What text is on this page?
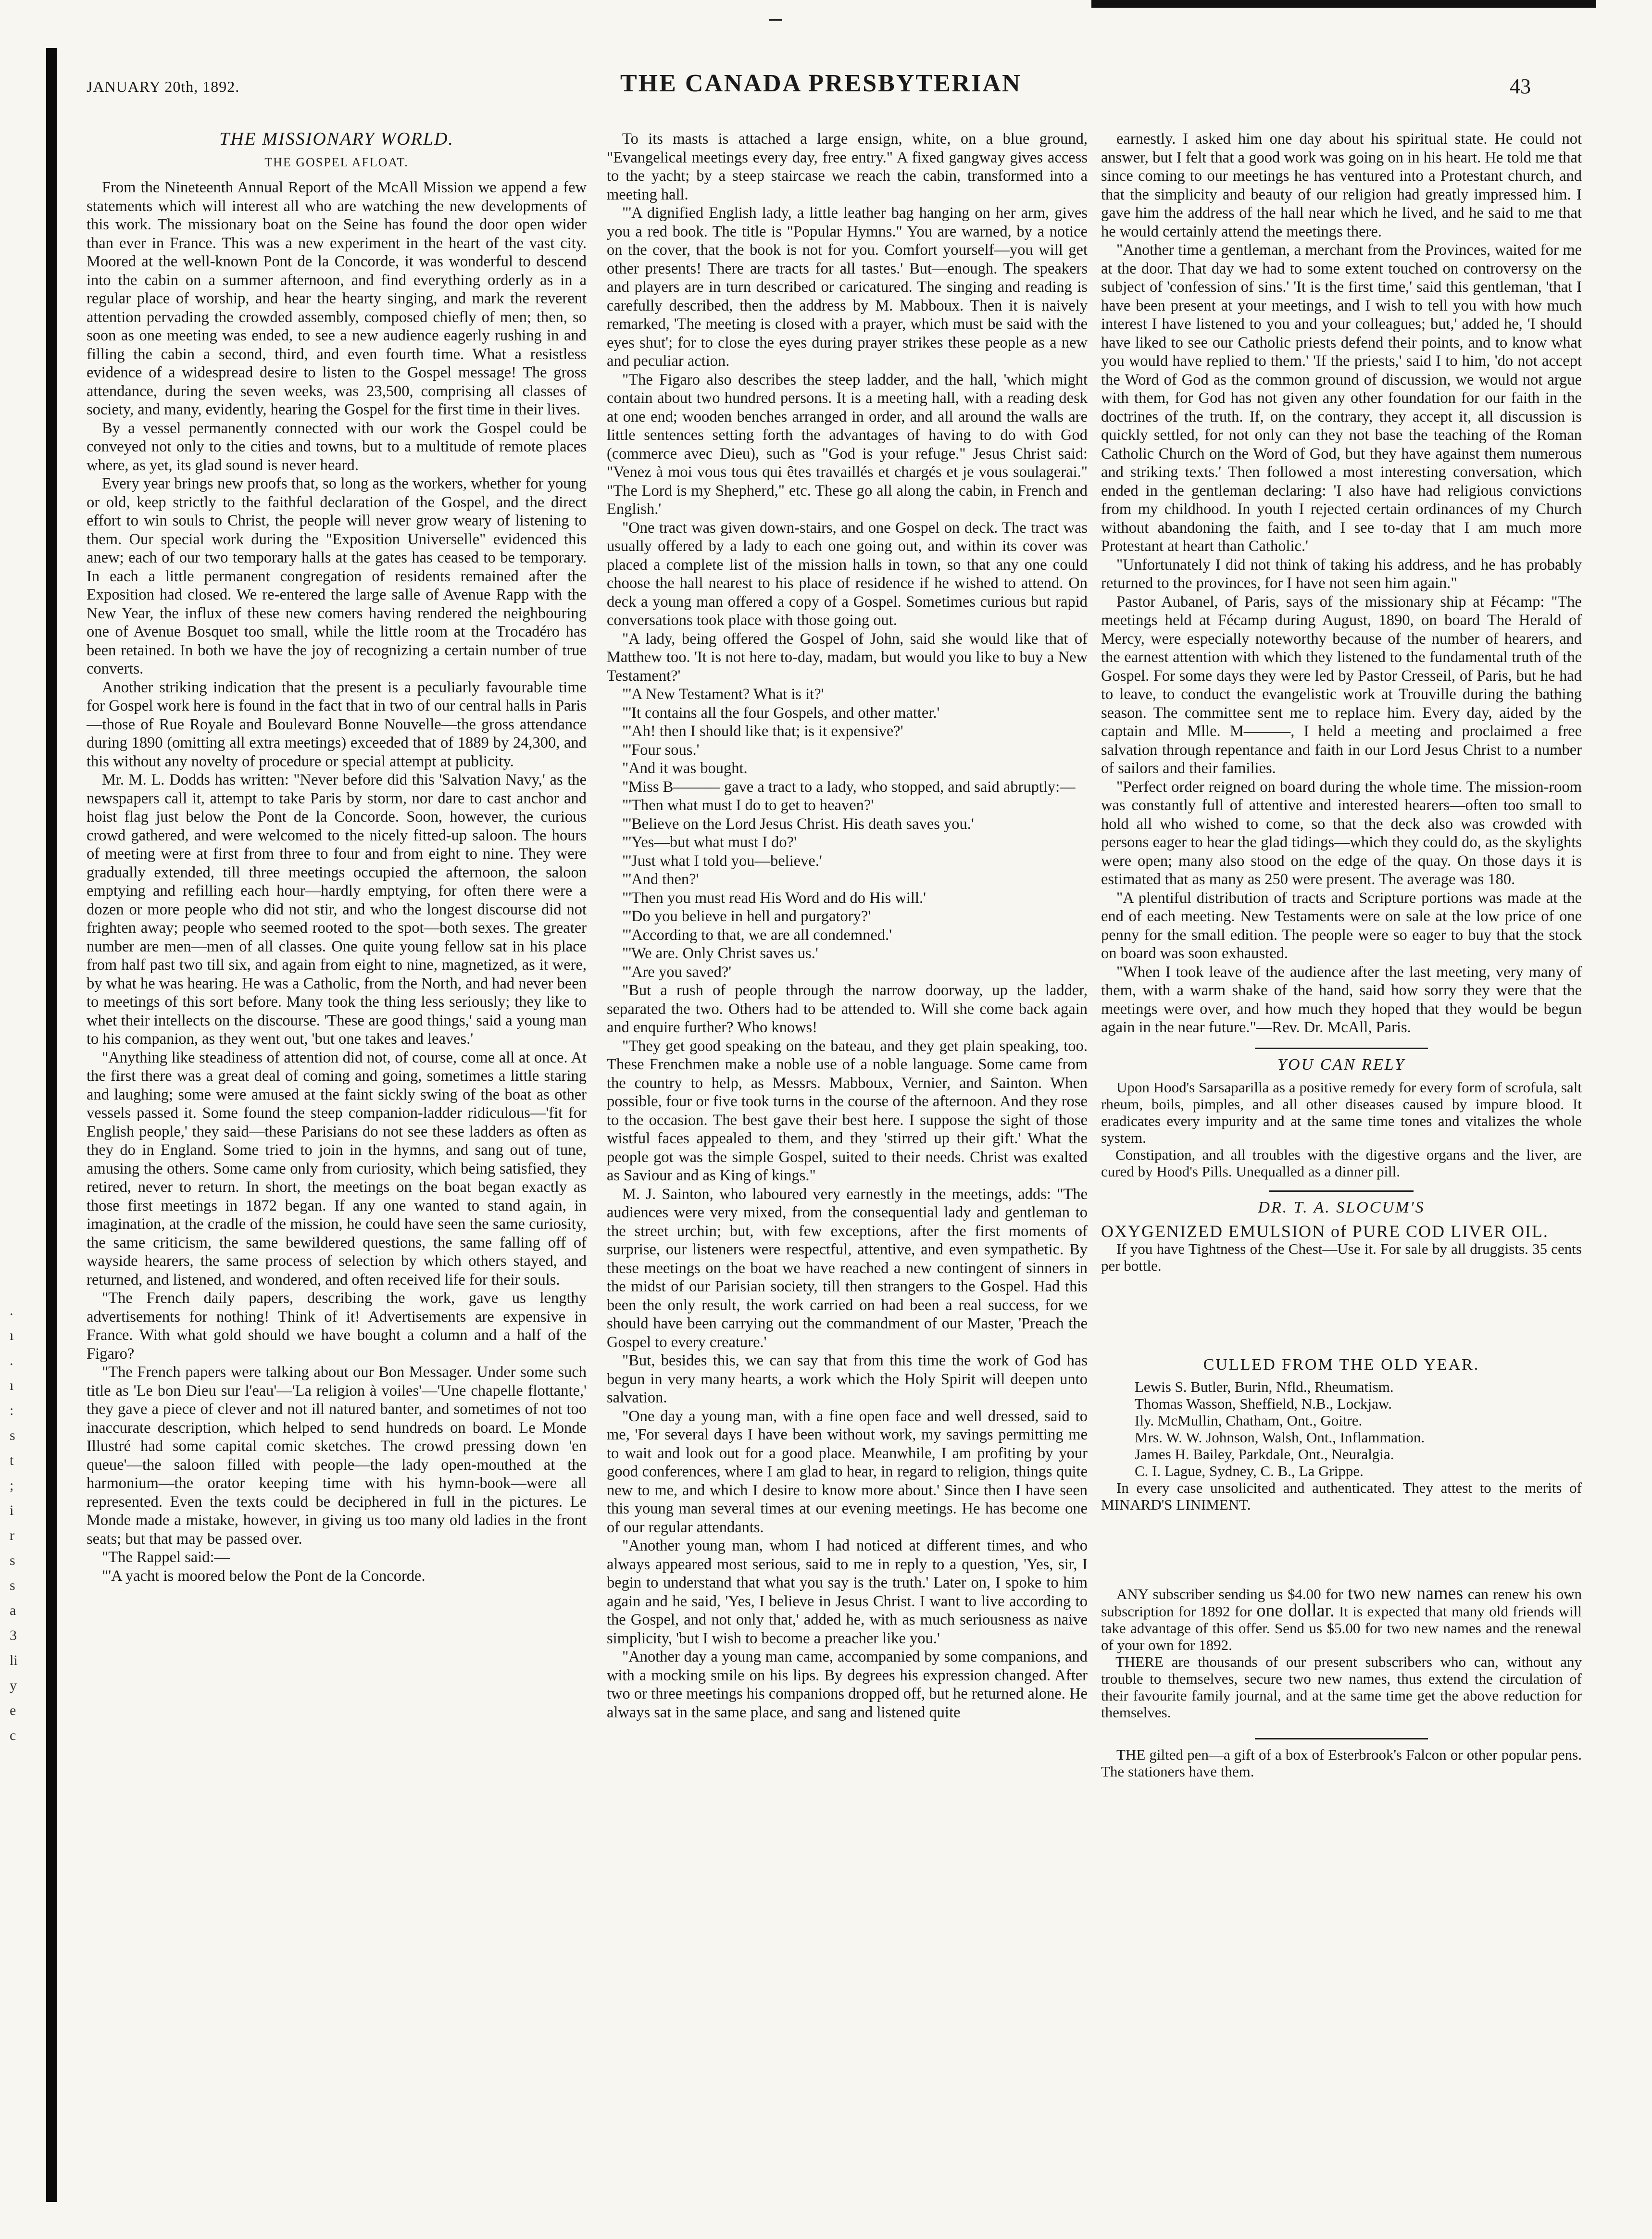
.
ı
.
ı
:
s
t
;
i
r
s
s
a
3
li
y
e
c
JANUARY 20th, 1892.	THE CANADA PRESBYTERIAN	43
THE MISSIONARY WORLD.
THE GOSPEL AFLOAT.

From the Nineteenth Annual Report of the McAll Mission we append a few statements which will interest all who are watching the new developments of this work. The missionary boat on the Seine has found the door open wider than ever in France. This was a new experiment in the heart of the vast city. Moored at the well-known Pont de la Concorde, it was wonderful to descend into the cabin on a summer afternoon, and find everything orderly as in a regular place of worship, and hear the hearty singing, and mark the reverent attention pervading the crowded assembly, composed chiefly of men; then, so soon as one meeting was ended, to see a new audience eagerly rushing in and filling the cabin a second, third, and even fourth time. What a resistless evidence of a widespread desire to listen to the Gospel message! The gross attendance, during the seven weeks, was 23,500, comprising all classes of society, and many, evidently, hearing the Gospel for the first time in their lives.

By a vessel permanently connected with our work the Gospel could be conveyed not only to the cities and towns, but to a multitude of remote places where, as yet, its glad sound is never heard.

Every year brings new proofs that, so long as the workers, whether for young or old, keep strictly to the faithful declaration of the Gospel, and the direct effort to win souls to Christ, the people will never grow weary of listening to them. Our special work during the "Exposition Universelle" evidenced this anew; each of our two temporary halls at the gates has ceased to be temporary. In each a little permanent congregation of residents remained after the Exposition had closed. We re-entered the large salle of Avenue Rapp with the New Year, the influx of these new comers having rendered the neighbouring one of Avenue Bosquet too small, while the little room at the Trocadéro has been retained. In both we have the joy of recognizing a certain number of true converts.

Another striking indication that the present is a peculiarly favourable time for Gospel work here is found in the fact that in two of our central halls in Paris—those of Rue Royale and Boulevard Bonne Nouvelle—the gross attendance during 1890 (omitting all extra meetings) exceeded that of 1889 by 24,300, and this without any novelty of procedure or special attempt at publicity.

Mr. M. L. Dodds has written: "Never before did this 'Salvation Navy,' as the newspapers call it, attempt to take Paris by storm, nor dare to cast anchor and hoist flag just below the Pont de la Concorde. Soon, however, the curious crowd gathered, and were welcomed to the nicely fitted-up saloon. The hours of meeting were at first from three to four and from eight to nine. They were gradually extended, till three meetings occupied the afternoon, the saloon emptying and refilling each hour—hardly emptying, for often there were a dozen or more people who did not stir, and who the longest discourse did not frighten away; people who seemed rooted to the spot—both sexes. The greater number are men—men of all classes. One quite young fellow sat in his place from half past two till six, and again from eight to nine, magnetized, as it were, by what he was hearing. He was a Catholic, from the North, and had never been to meetings of this sort before. Many took the thing less seriously; they like to whet their intellects on the discourse. 'These are good things,' said a young man to his companion, as they went out, 'but one takes and leaves.'

"Anything like steadiness of attention did not, of course, come all at once. At the first there was a great deal of coming and going, sometimes a little staring and laughing; some were amused at the faint sickly swing of the boat as other vessels passed it. Some found the steep companion-ladder ridiculous—'fit for English people,' they said—these Parisians do not see these ladders as often as they do in England. Some tried to join in the hymns, and sang out of tune, amusing the others. Some came only from curiosity, which being satisfied, they retired, never to return. In short, the meetings on the boat began exactly as those first meetings in 1872 began. If any one wanted to stand again, in imagination, at the cradle of the mission, he could have seen the same curiosity, the same criticism, the same bewildered questions, the same falling off of wayside hearers, the same process of selection by which others stayed, and returned, and listened, and wondered, and often received life for their souls.

"The French daily papers, describing the work, gave us lengthy advertisements for nothing! Think of it! Advertisements are expensive in France. With what gold should we have bought a column and a half of the Figaro?

"The French papers were talking about our Bon Messager. Under some such title as 'Le bon Dieu sur l'eau'—'La religion à voiles'—'Une chapelle flottante,' they gave a piece of clever and not ill natured banter, and sometimes of not too inaccurate description, which helped to send hundreds on board. Le Monde Illustré had some capital comic sketches. The crowd pressing down 'en queue'—the saloon filled with people—the lady open-mouthed at the harmonium—the orator keeping time with his hymn-book—were all represented. Even the texts could be deciphered in full in the pictures. Le Monde made a mistake, however, in giving us too many old ladies in the front seats; but that may be passed over.

"The Rappel said:—

"'A yacht is moored below the Pont de la Concorde.

To its masts is attached a large ensign, white, on a blue ground, "Evangelical meetings every day, free entry." A fixed gangway gives access to the yacht; by a steep staircase we reach the cabin, transformed into a meeting hall.

"'A dignified English lady, a little leather bag hanging on her arm, gives you a red book. The title is "Popular Hymns." You are warned, by a notice on the cover, that the book is not for you. Comfort yourself—you will get other presents! There are tracts for all tastes.' But—enough. The speakers and players are in turn described or caricatured. The singing and reading is carefully described, then the address by M. Mabboux. Then it is naively remarked, 'The meeting is closed with a prayer, which must be said with the eyes shut'; for to close the eyes during prayer strikes these people as a new and peculiar action.

"The Figaro also describes the steep ladder, and the hall, 'which might contain about two hundred persons. It is a meeting hall, with a reading desk at one end; wooden benches arranged in order, and all around the walls are little sentences setting forth the advantages of having to do with God (commerce avec Dieu), such as "God is your refuge." Jesus Christ said: "Venez à moi vous tous qui êtes travaillés et chargés et je vous soulagerai." "The Lord is my Shepherd," etc. These go all along the cabin, in French and English.'

"One tract was given down-stairs, and one Gospel on deck. The tract was usually offered by a lady to each one going out, and within its cover was placed a complete list of the mission halls in town, so that any one could choose the hall nearest to his place of residence if he wished to attend. On deck a young man offered a copy of a Gospel. Sometimes curious but rapid conversations took place with those going out.

"A lady, being offered the Gospel of John, said she would like that of Matthew too. 'It is not here to-day, madam, but would you like to buy a New Testament?'

"'A New Testament? What is it?'

"'It contains all the four Gospels, and other matter.'

"'Ah! then I should like that; is it expensive?'

"'Four sous.'

"And it was bought.

"Miss B——— gave a tract to a lady, who stopped, and said abruptly:—

"'Then what must I do to get to heaven?'

"'Believe on the Lord Jesus Christ. His death saves you.'

"'Yes—but what must I do?'

"'Just what I told you—believe.'

"'And then?'

"'Then you must read His Word and do His will.'

"'Do you believe in hell and purgatory?'

"'According to that, we are all condemned.'

"'We are. Only Christ saves us.'

"'Are you saved?'

"But a rush of people through the narrow doorway, up the ladder, separated the two. Others had to be attended to. Will she come back again and enquire further? Who knows!

"They get good speaking on the bateau, and they get plain speaking, too. These Frenchmen make a noble use of a noble language. Some came from the country to help, as Messrs. Mabboux, Vernier, and Sainton. When possible, four or five took turns in the course of the afternoon. And they rose to the occasion. The best gave their best here. I suppose the sight of those wistful faces appealed to them, and they 'stirred up their gift.' What the people got was the simple Gospel, suited to their needs. Christ was exalted as Saviour and as King of kings."

M. J. Sainton, who laboured very earnestly in the meetings, adds: "The audiences were very mixed, from the consequential lady and gentleman to the street urchin; but, with few exceptions, after the first moments of surprise, our listeners were respectful, attentive, and even sympathetic. By these meetings on the boat we have reached a new contingent of sinners in the midst of our Parisian society, till then strangers to the Gospel. Had this been the only result, the work carried on had been a real success, for we should have been carrying out the commandment of our Master, 'Preach the Gospel to every creature.'

"But, besides this, we can say that from this time the work of God has begun in very many hearts, a work which the Holy Spirit will deepen unto salvation.

"One day a young man, with a fine open face and well dressed, said to me, 'For several days I have been without work, my savings permitting me to wait and look out for a good place. Meanwhile, I am profiting by your good conferences, where I am glad to hear, in regard to religion, things quite new to me, and which I desire to know more about.' Since then I have seen this young man several times at our evening meetings. He has become one of our regular attendants.

"Another young man, whom I had noticed at different times, and who always appeared most serious, said to me in reply to a question, 'Yes, sir, I begin to understand that what you say is the truth.' Later on, I spoke to him again and he said, 'Yes, I believe in Jesus Christ. I want to live according to the Gospel, and not only that,' added he, with as much seriousness as naive simplicity, 'but I wish to become a preacher like you.'

"Another day a young man came, accompanied by some companions, and with a mocking smile on his lips. By degrees his expression changed. After two or three meetings his companions dropped off, but he returned alone. He always sat in the same place, and sang and listened quite

earnestly. I asked him one day about his spiritual state. He could not answer, but I felt that a good work was going on in his heart. He told me that since coming to our meetings he has ventured into a Protestant church, and that the simplicity and beauty of our religion had greatly impressed him. I gave him the address of the hall near which he lived, and he said to me that he would certainly attend the meetings there.

"Another time a gentleman, a merchant from the Provinces, waited for me at the door. That day we had to some extent touched on controversy on the subject of 'confession of sins.' 'It is the first time,' said this gentleman, 'that I have been present at your meetings, and I wish to tell you with how much interest I have listened to you and your colleagues; but,' added he, 'I should have liked to see our Catholic priests defend their points, and to know what you would have replied to them.' 'If the priests,' said I to him, 'do not accept the Word of God as the common ground of discussion, we would not argue with them, for God has not given any other foundation for our faith in the doctrines of the truth. If, on the contrary, they accept it, all discussion is quickly settled, for not only can they not base the teaching of the Roman Catholic Church on the Word of God, but they have against them numerous and striking texts.' Then followed a most interesting conversation, which ended in the gentleman declaring: 'I also have had religious convictions from my childhood. In youth I rejected certain ordinances of my Church without abandoning the faith, and I see to-day that I am much more Protestant at heart than Catholic.'

"Unfortunately I did not think of taking his address, and he has probably returned to the provinces, for I have not seen him again."

Pastor Aubanel, of Paris, says of the missionary ship at Fécamp: "The meetings held at Fécamp during August, 1890, on board The Herald of Mercy, were especially noteworthy because of the number of hearers, and the earnest attention with which they listened to the fundamental truth of the Gospel. For some days they were led by Pastor Cresseil, of Paris, but he had to leave, to conduct the evangelistic work at Trouville during the bathing season. The committee sent me to replace him. Every day, aided by the captain and Mlle. M———, I held a meeting and proclaimed a free salvation through repentance and faith in our Lord Jesus Christ to a number of sailors and their families.

"Perfect order reigned on board during the whole time. The mission-room was constantly full of attentive and interested hearers—often too small to hold all who wished to come, so that the deck also was crowded with persons eager to hear the glad tidings—which they could do, as the skylights were open; many also stood on the edge of the quay. On those days it is estimated that as many as 250 were present. The average was 180.

"A plentiful distribution of tracts and Scripture portions was made at the end of each meeting. New Testaments were on sale at the low price of one penny for the small edition. The people were so eager to buy that the stock on board was soon exhausted.

"When I took leave of the audience after the last meeting, very many of them, with a warm shake of the hand, said how sorry they were that the meetings were over, and how much they hoped that they would be begun again in the near future."—Rev. Dr. McAll, Paris.

YOU CAN RELY

Upon Hood's Sarsaparilla as a positive remedy for every form of scrofula, salt rheum, boils, pimples, and all other diseases caused by impure blood. It eradicates every impurity and at the same time tones and vitalizes the whole system.

Constipation, and all troubles with the digestive organs and the liver, are cured by Hood's Pills. Unequalled as a dinner pill.

DR. T. A. SLOCUM'S
OXYGENIZED EMULSION of PURE COD LIVER OIL.

If you have Tightness of the Chest—Use it. For sale by all druggists. 35 cents per bottle.

CULLED FROM THE OLD YEAR.
Lewis S. Butler, Burin, Nfld., Rheumatism.
Thomas Wasson, Sheffield, N.B., Lockjaw.
Ily. McMullin, Chatham, Ont., Goitre.
Mrs. W. W. Johnson, Walsh, Ont., Inflammation.
James H. Bailey, Parkdale, Ont., Neuralgia.
C. I. Lague, Sydney, C. B., La Grippe.

In every case unsolicited and authenticated. They attest to the merits of MINARD'S LINIMENT.

ANY subscriber sending us $4.00 for two new names can renew his own subscription for 1892 for one dollar. It is expected that many old friends will take advantage of this offer. Send us $5.00 for two new names and the renewal of your own for 1892.

THERE are thousands of our present subscribers who can, without any trouble to themselves, secure two new names, thus extend the circulation of their favourite family journal, and at the same time get the above reduction for themselves.

THE gilted pen—a gift of a box of Esterbrook's Falcon or other popular pens. The stationers have them.
